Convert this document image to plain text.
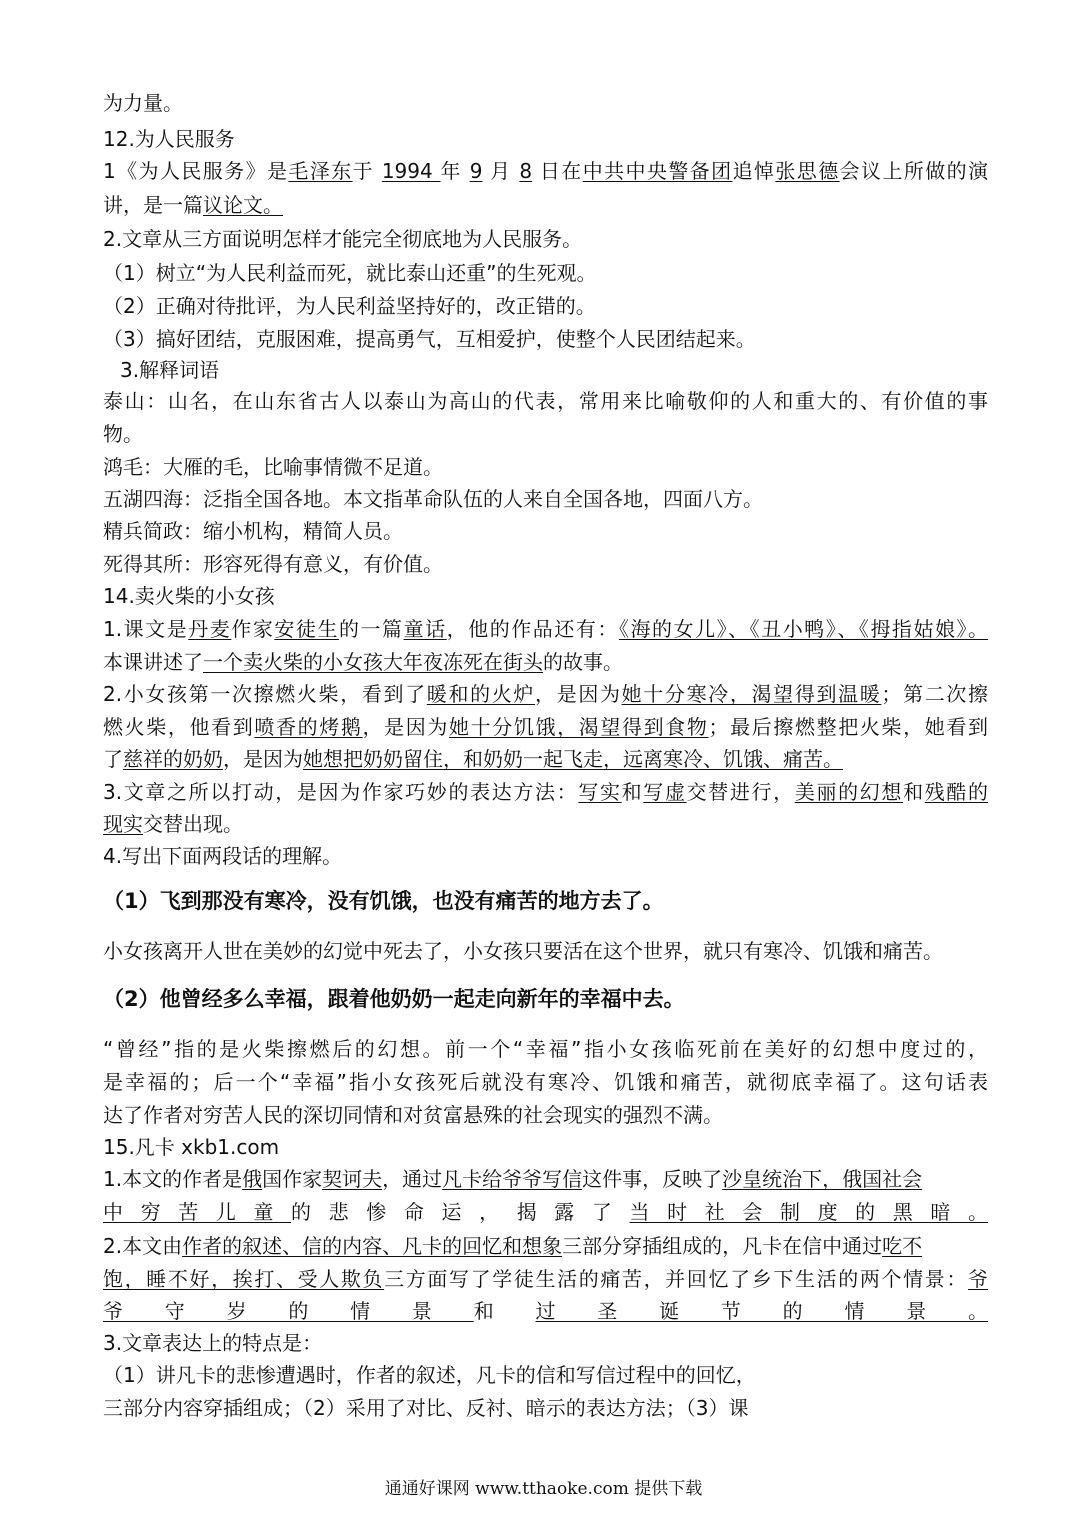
为力量。
12.为人民服务
1《为人民服务》是毛泽东于 1994 年 9 月 8 日在中共中央警备团追悼张思德会议上所做的演
讲，是一篇议论文。
2.文章从三方面说明怎样才能完全彻底地为人民服务。
（1）树立“为人民利益而死，就比泰山还重”的生死观。
（2）正确对待批评，为人民利益坚持好的，改正错的。
（3）搞好团结，克服困难，提高勇气，互相爱护，使整个人民团结起来。
3.解释词语
泰山：山名，在山东省古人以泰山为高山的代表，常用来比喻敬仰的人和重大的、有价值的事
物。
鸿毛：大雁的毛，比喻事情微不足道。
五湖四海：泛指全国各地。本文指革命队伍的人来自全国各地，四面八方。
精兵简政：缩小机构，精简人员。
死得其所：形容死得有意义，有价值。
14.卖火柴的小女孩
1.课文是丹麦作家安徒生的一篇童话，他的作品还有：《海的女儿》、《丑小鸭》、《拇指姑娘》。
本课讲述了一个卖火柴的小女孩大年夜冻死在街头的故事。
2.小女孩第一次擦燃火柴，看到了暖和的火炉，是因为她十分寒冷，渴望得到温暖；第二次擦
燃火柴，他看到喷香的烤鹅，是因为她十分饥饿，渴望得到食物；最后擦燃整把火柴，她看到
了慈祥的奶奶，是因为她想把奶奶留住，和奶奶一起飞走，远离寒冷、饥饿、痛苦。
3.文章之所以打动，是因为作家巧妙的表达方法：写实和写虚交替进行，美丽的幻想和残酷的
现实交替出现。
4.写出下面两段话的理解。
（1）飞到那没有寒冷，没有饥饿，也没有痛苦的地方去了。
小女孩离开人世在美妙的幻觉中死去了，小女孩只要活在这个世界，就只有寒冷、饥饿和痛苦。
（2）他曾经多么幸福，跟着他奶奶一起走向新年的幸福中去。
“曾经”指的是火柴擦燃后的幻想。前一个“幸福”指小女孩临死前在美好的幻想中度过的，
是幸福的；后一个“幸福”指小女孩死后就没有寒冷、饥饿和痛苦，就彻底幸福了。这句话表
达了作者对穷苦人民的深切同情和对贫富悬殊的社会现实的强烈不满。
15.凡卡 xkb1.com
1.本文的作者是俄国作家契诃夫，通过凡卡给爷爷写信这件事，反映了沙皇统治下，俄国社会
中穷苦儿童的悲惨命运，揭露了当时社会制度的黑暗。
2.本文由作者的叙述、信的内容、凡卡的回忆和想象三部分穿插组成的，凡卡在信中通过吃不
饱，睡不好，挨打、受人欺负三方面写了学徒生活的痛苦，并回忆了乡下生活的两个情景：爷
爷守岁的情景和过圣诞节的情景。
3.文章表达上的特点是：
（1）讲凡卡的悲惨遭遇时，作者的叙述，凡卡的信和写信过程中的回忆，
三部分内容穿插组成；（2）采用了对比、反衬、暗示的表达方法；（3）课
通通好课网 www.tthaoke.com 提供下载
